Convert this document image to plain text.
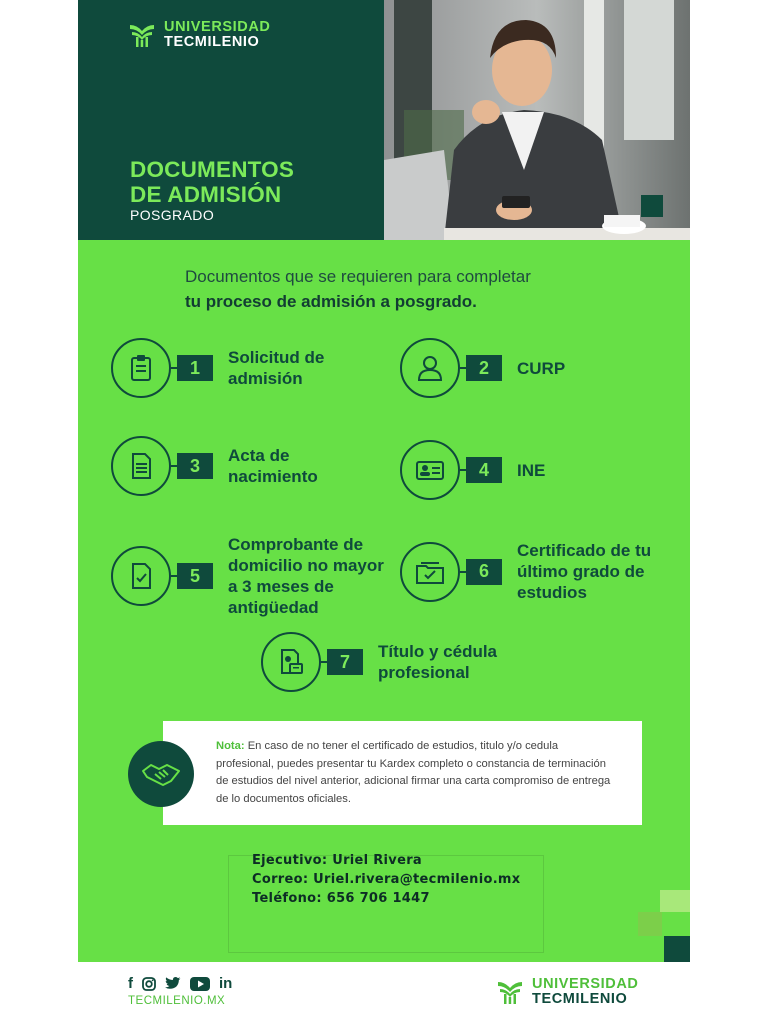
UNIVERSIDAD
TECMILENIO
DOCUMENTOS
DE ADMISIÓN
POSGRADO
Documentos que se requieren para completar
tu proceso de admisión a posgrado.
1	Solicitud de admisión
2	CURP
3	Acta de nacimiento	4	INE
5
Comprobante de domicilio no mayor a 3 meses de antigüedad
6
Certificado de tu último grado de estudios
7	Título y cédula profesional
Nota: En caso de no tener el certificado de estudios, titulo y/o cedula profesional, puedes presentar tu Kardex completo o constancia de terminación de estudios del nivel anterior, adicional firmar una carta compromiso de entrega de lo documentos oficiales.
Ejecutivo: Uriel Rivera
Correo: Uriel.rivera@tecmilenio.mx
Teléfono: 656 706 1447
f	in
TECMILENIO.MX
UNIVERSIDAD
TECMILENIO
